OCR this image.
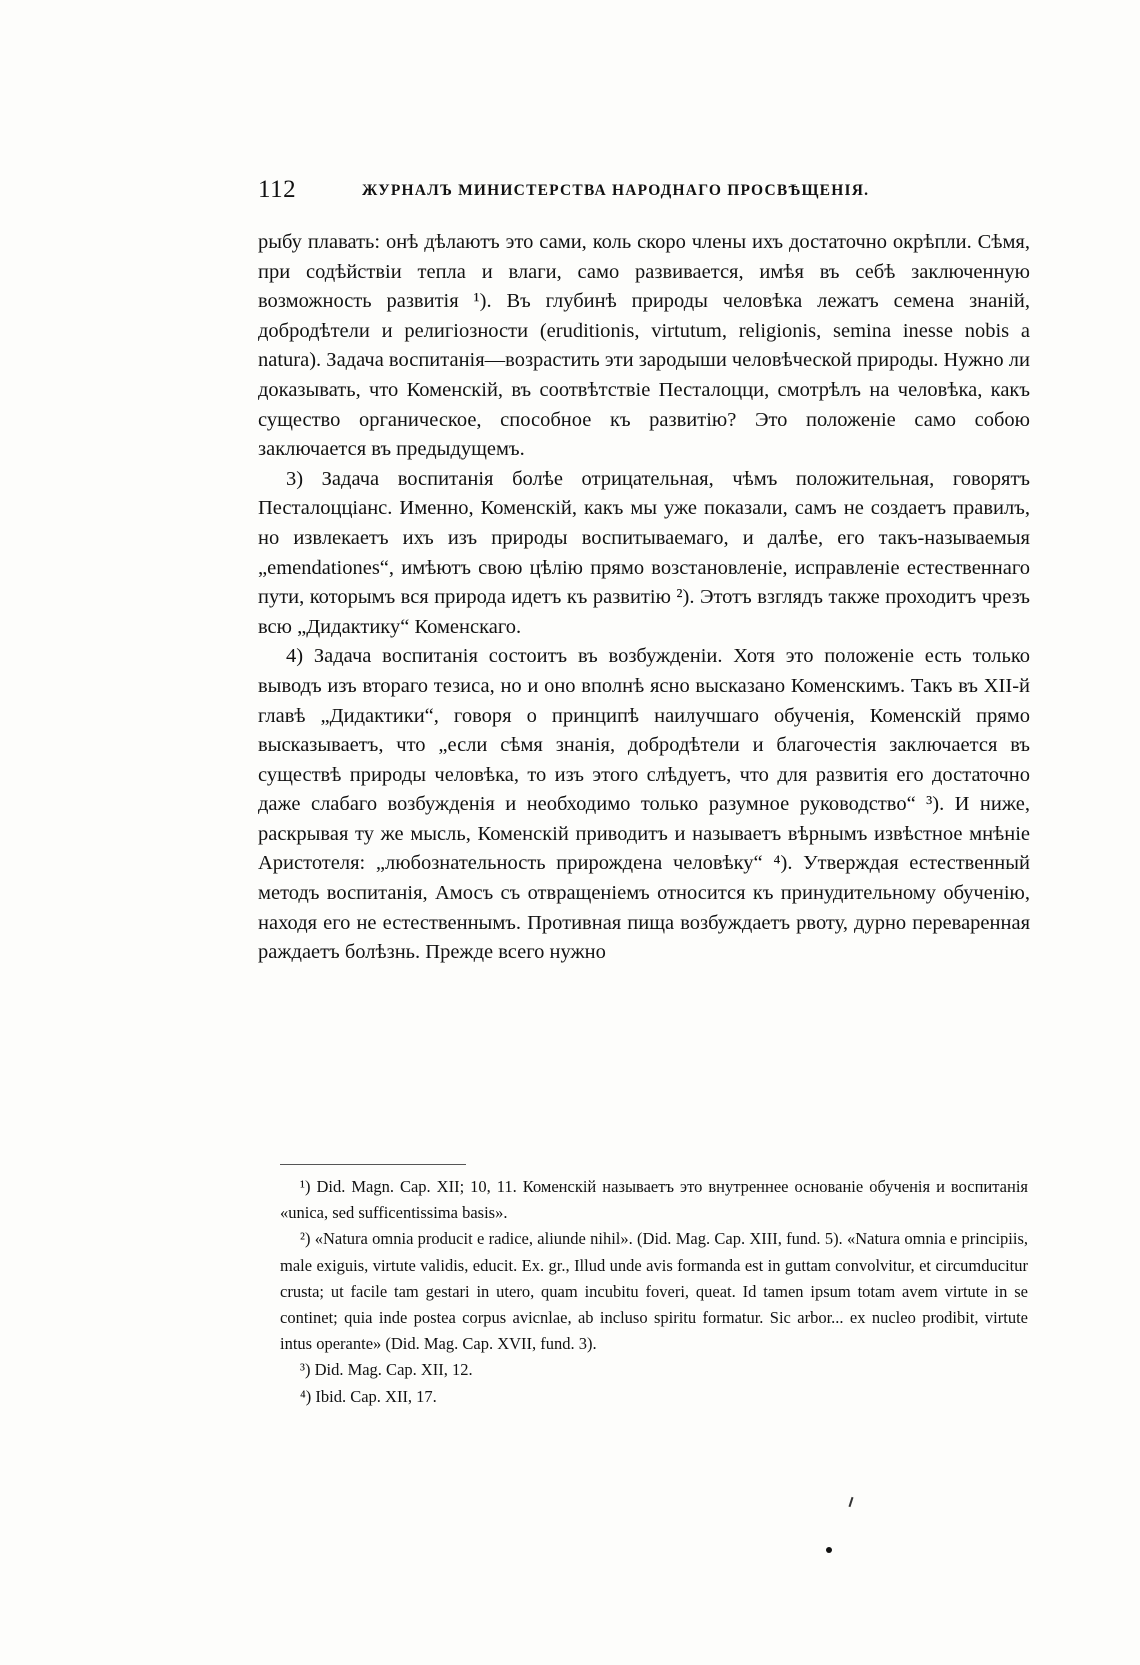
112	ЖУРНАЛЪ МИНИСТЕРСТВА НАРОДНАГО ПРОСВѢЩЕНІЯ.

рыбу плавать: онѣ дѣлаютъ это сами, коль скоро члены ихъ достаточно окрѣпли. Сѣмя, при содѣйствіи тепла и влаги, само развивается, имѣя въ себѣ заключенную возможность развитія ¹). Въ глубинѣ природы человѣка лежатъ семена знаній, добродѣтели и религіозности (eruditionis, virtutum, religionis, semina inesse nobis a natura). Задача воспитанія—возрастить эти зародыши человѣческой природы. Нужно ли доказывать, что Коменскій, въ соотвѣтствіе Песталоцци, смотрѣлъ на человѣка, какъ существо органическое, способное къ развитію? Это положеніе само собою заключается въ предыдущемъ.

3) Задача воспитанія болѣе отрицательная, чѣмъ положительная, говорятъ Песталоцціанс. Именно, Коменскій, какъ мы уже показали, самъ не создаетъ правилъ, но извлекаетъ ихъ изъ природы воспитываемаго, и далѣе, его такъ-называемыя „emendationes“, имѣютъ свою цѣлію прямо возстановленіе, исправленіе естественнаго пути, которымъ вся природа идетъ къ развитію ²). Этотъ взглядъ также проходитъ чрезъ всю „Дидактику“ Коменскаго.

4) Задача воспитанія состоитъ въ возбужденіи. Хотя это положеніе есть только выводъ изъ втораго тезиса, но и оно вполнѣ ясно высказано Коменскимъ. Такъ въ XII-й главѣ „Дидактики“, говоря о принципѣ наилучшаго обученія, Коменскій прямо высказываетъ, что „если сѣмя знанія, добродѣтели и благочестія заключается въ существѣ природы человѣка, то изъ этого слѣдуетъ, что для развитія его достаточно даже слабаго возбужденія и необходимо только разумное руководство“ ³). И ниже, раскрывая ту же мысль, Коменскій приводитъ и называетъ вѣрнымъ извѣстное мнѣніе Аристотеля: „любознательность прирождена человѣку“ ⁴). Утверждая естественный методъ воспитанія, Амосъ съ отвращеніемъ относится къ принудительному обученію, находя его не естественнымъ. Противная пища возбуждаетъ рвоту, дурно переваренная раждаетъ болѣзнь. Прежде всего нужно

¹) Did. Magn. Cap. XII; 10, 11. Коменскій называетъ это внутреннее основаніе обученія и воспитанія «unica, sed sufficentissima basis».

²) «Natura omnia producit e radice, aliunde nihil». (Did. Mag. Cap. XIII, fund. 5). «Natura omnia e principiis, male exiguis, virtute validis, educit. Ex. gr., Illud unde avis formanda est in guttam convolvitur, et circumducitur crusta; ut facile tam gestari in utero, quam incubitu foveri, queat. Id tamen ipsum totam avem virtute in se continet; quia inde postea corpus avicnlae, ab incluso spiritu formatur. Sic arbor... ex nucleo prodibit, virtute intus operante» (Did. Mag. Cap. XVII, fund. 3).

³) Did. Mag. Cap. XII, 12.

⁴) Ibid. Cap. XII, 17.
